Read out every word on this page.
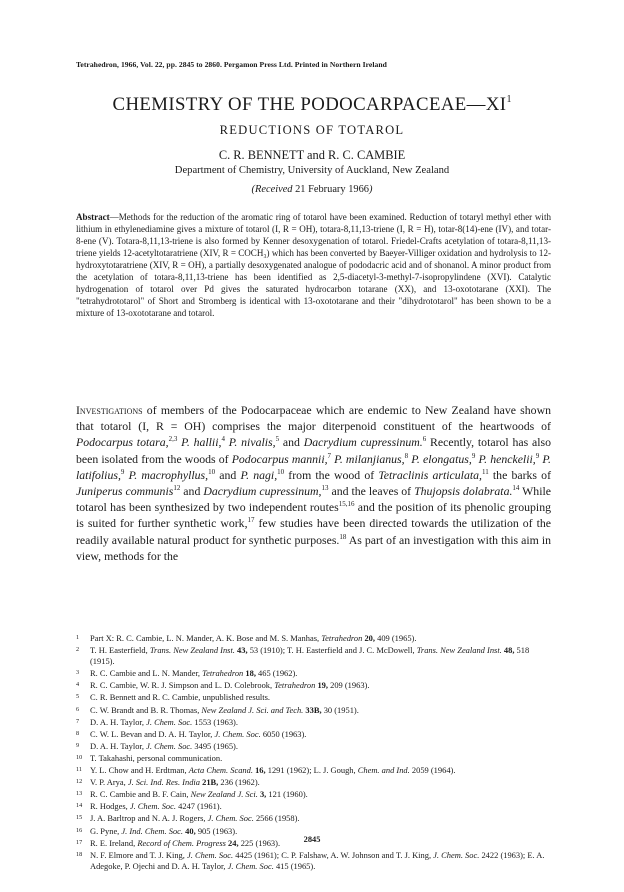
Tetrahedron, 1966, Vol. 22, pp. 2845 to 2860. Pergamon Press Ltd. Printed in Northern Ireland
CHEMISTRY OF THE $PODOCARPACEAE—XI^1$
REDUCTIONS OF TOTAROL
C. R. BENNETT and R. C. CAMBIE
Department of Chemistry, University of Auckland, New Zealand
(Received 21 February 1966)
Abstract—Methods for the reduction of the aromatic ring of totarol have been examined. Reduction of totaryl methyl ether with lithium in ethylenediamine gives a mixture of totarol (I, R = OH), totara-8,11,13-triene (I, R = H), totar-8(14)-ene (IV), and totar-8-ene (V). Totara-8,11,13-triene is also formed by Kenner desoxygenation of totarol. Friedel-Crafts acetylation of totara-8,11,13-triene yields 12-acetyltotaratriene (XIV, R = COCH₃) which has been converted by Baeyer-Villiger oxidation and hydrolysis to 12-hydroxytotaratriene (XIV, R = OH), a partially desoxygenated analogue of pododacric acid and of shonanol. A minor product from the acetylation of totara-8,11,13-triene has been identified as 2,5-diacetyl-3-methyl-7-isopropylindene (XVI). Catalytic hydrogenation of totarol over Pd gives the saturated hydrocarbon totarane (XX), and 13-oxototarane (XXI). The "tetrahydrototarol" of Short and Stromberg is identical with 13-oxototarane and their "dihydrototarol" has been shown to be a mixture of 13-oxototarane and totarol.
Investigations of members of the Podocarpaceae which are endemic to New Zealand have shown that totarol (I, R = OH) comprises the major diterpenoid constituent of the heartwoods of Podocarpus totara,$^{2,3}$ P. hallii,$^4$ P. nivalis,$^5$ and Dacrydium cupressinum.$^6$ Recently, totarol has also been isolated from the woods of Podocarpus mannii,$^7$ P. milanjianus,$^8$ P. elongatus,$^9$ P. henckelii,$^9$ P. latifolius,$^9$ P. macrophyllus,$^{10}$ and P. nagi,$^{10}$ from the wood of Tetraclinis articulata,$^{11}$ the barks of Juniperus communis$^{12}$ and Dacrydium cupressinum,$^{13}$ and the leaves of Thujopsis dolabrata.$^{14}$ While totarol has been synthesized by two independent routes$^{15,16}$ and the position of its phenolic grouping is suited for further synthetic work,$^{17}$ few studies have been directed towards the utilization of the readily available natural product for synthetic purposes.$^{18}$ As part of an investigation with this aim in view, methods for the
1 Part X: R. C. Cambie, L. N. Mander, A. K. Bose and M. S. Manhas, Tetrahedron 20, 409 (1965).
2 T. H. Easterfield, Trans. New Zealand Inst. 43, 53 (1910); T. H. Easterfield and J. C. McDowell, Trans. New Zealand Inst. 48, 518 (1915).
3 R. C. Cambie and L. N. Mander, Tetrahedron 18, 465 (1962).
4 R. C. Cambie, W. R. J. Simpson and L. D. Colebrook, Tetrahedron 19, 209 (1963).
5 C. R. Bennett and R. C. Cambie, unpublished results.
6 C. W. Brandt and B. R. Thomas, New Zealand J. Sci. and Tech. 33B, 30 (1951).
7 D. A. H. Taylor, J. Chem. Soc. 1553 (1963).
8 C. W. L. Bevan and D. A. H. Taylor, J. Chem. Soc. 6050 (1963).
9 D. A. H. Taylor, J. Chem. Soc. 3495 (1965).
10 T. Takahashi, personal communication.
11 Y. L. Chow and H. Erdtman, Acta Chem. Scand. 16, 1291 (1962); L. J. Gough, Chem. and Ind. 2059 (1964).
12 V. P. Arya, J. Sci. Ind. Res. India 21B, 236 (1962).
13 R. C. Cambie and B. F. Cain, New Zealand J. Sci. 3, 121 (1960).
14 R. Hodges, J. Chem. Soc. 4247 (1961).
15 J. A. Barltrop and N. A. J. Rogers, J. Chem. Soc. 2566 (1958).
16 G. Pyne, J. Ind. Chem. Soc. 40, 905 (1963).
17 R. E. Ireland, Record of Chem. Progress 24, 225 (1963).
18 N. F. Elmore and T. J. King, J. Chem. Soc. 4425 (1961); C. P. Falshaw, A. W. Johnson and T. J. King, J. Chem. Soc. 2422 (1963); E. A. Adegoke, P. Ojechi and D. A. H. Taylor, J. Chem. Soc. 415 (1965).
2845
